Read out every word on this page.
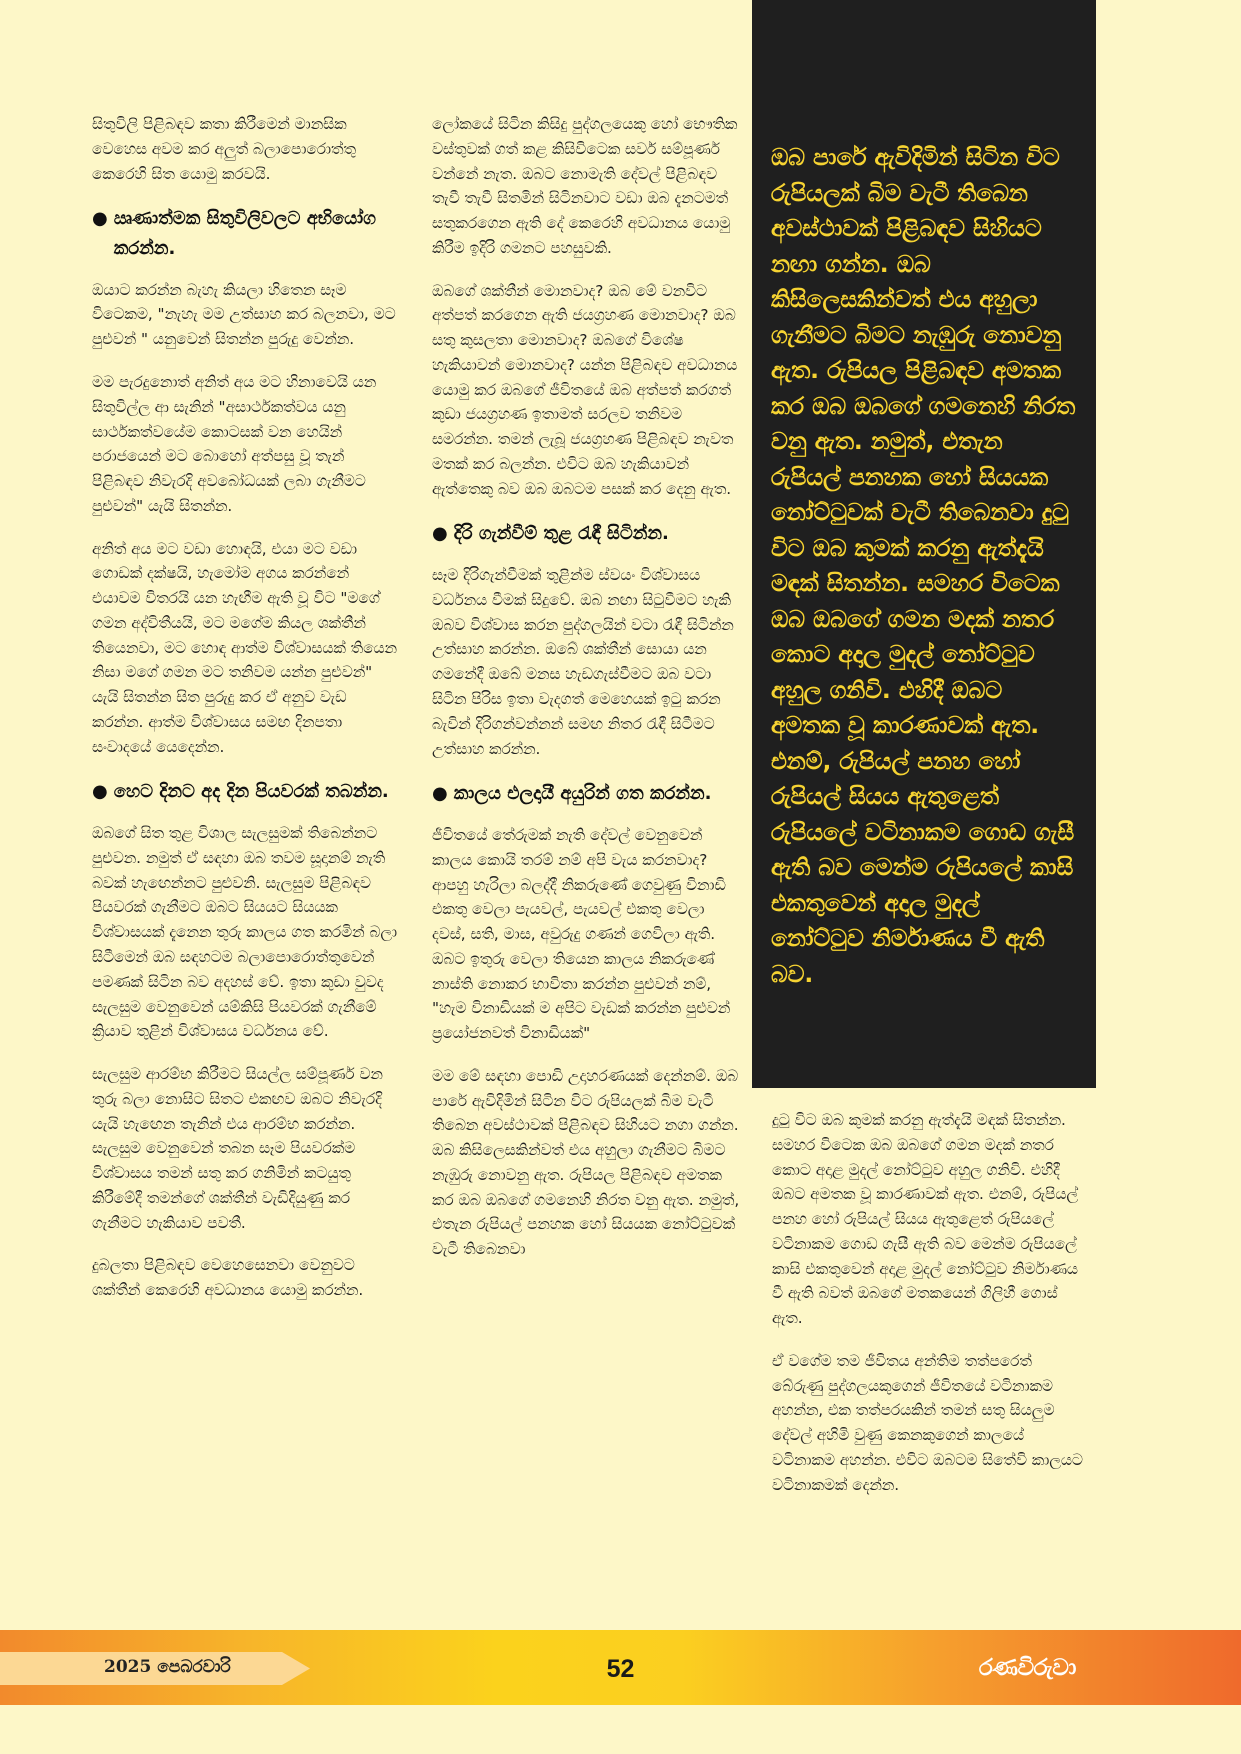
සිතුවිලි පිළිබඳව කතා කිරීමෙන් මානසික වෙහෙස අවම කර අලුත් බලාපොරොත්තු කෙරෙහි සිත යොමු කරවයි.

● ඍණාත්මක සිතුවිලිවලට අභියෝග කරන්න.

ඔයාට කරන්න බැහැ කියලා හිතෙන සෑම විටෙකම, "නැහැ මම උත්සාහ කර බලනවා, මට පුළුවන් " යනුවෙන් සිතන්න පුරුදු වෙන්න.

මම පැරදුනොත් අනිත් අය මට හිනාවෙයි යන සිතුවිල්ල ආ සැනින් "අසාර්ථකත්වය යනු සාර්ථකත්වයේම කොටසක් වන හෙයින් පරාජයෙන් මට බොහෝ අත්පසු වූ තැන් පිළිබඳව නිවැරදි අවබෝධයක් ලබා ගැනීමට පුළුවන්" යැයි සිතන්න.

අනිත් අය මට වඩා හොඳයි, එයා මට වඩා ගොඩක් දක්ෂයි, හැමෝම අගය කරන්නේ එයාවම විතරයි යන හැඟීම ඇති වූ විට "මගේ ගමන අද්විතීයයි, මට මගේම කියල ශක්තීන් තියෙනවා, මට හොඳ ආත්ම විශ්වාසයක් තියෙන නිසා මගේ ගමන මට තනිවම යන්න පුළුවන්" යැයි සිතන්න සිත පුරුදු කර ඒ අනුව වැඩ කරන්න. ආත්ම විශ්වාසය සමඟ දිනපතා සංවාදයේ යෙදෙන්න.

● හෙට දිනට අද දින පියවරක් තබන්න.

ඔබගේ සිත තුළ විශාල සැලසුමක් තිබෙන්නට පුළුවන. නමුත් ඒ සඳහා ඔබ තවම සූදානම් නැති බවක් හැඟෙන්නට පුළුවනි. සැලසුම පිළිබඳව පියවරක් ගැනීමට ඔබට සියයට සියයක විශ්වාසයක් දැනෙන තුරු කාලය ගත කරමින් බලා සිටීමෙන් ඔබ සඳහටම බලාපොරොත්තුවෙන් පමණක් සිටින බව අදහස් වේ. ඉතා කුඩා වුවද සැලසුම වෙනුවෙන් යම්කිසි පියවරක් ගැනීමේ ක්‍රියාව තුළින් විශ්වාසය වර්ධනය වේ.

සැලසුම ආරම්භ කිරීමට සියල්ල සම්පූර්ණ වන තුරු බලා නොසිට සිතට එකඟව ඔබට නිවැරදි යැයි හැඟෙන තැනින් එය ආරම්භ කරන්න. සැලසුම වෙනුවෙන් තබන සෑම පියවරක්ම විශ්වාසය තමන් සතු කර ගනිමින් කටයුතු කිරීමේදී තමන්ගේ ශක්තීන් වැඩිදියුණු කර ගැනීමට හැකියාව පවතී.

දුබලතා පිළිබඳව වෙහෙසෙනවා වෙනුවට ශක්තීන් කෙරෙහි අවධානය යොමු කරන්න.

ලෝකයේ සිටින කිසිදු පුද්ගලයෙකු හෝ භෞතික වස්තුවක් ගත් කළ කිසිවිටෙක සර්ව සම්පූර්ණ වන්නේ නැත. ඔබට නොමැති දේවල් පිළිබඳව තැවී තැවී සිතමින් සිටිනවාට වඩා ඔබ දැනටමත් සතුකරගෙන ඇති දේ කෙරෙහි අවධානය යොමු කිරීම ඉදිරි ගමනට පහසුවකි.

ඔබගේ ශක්තීන් මොනවාද? ඔබ මේ වනවිට අත්පත් කරගෙන ඇති ජයග්‍රහණ මොනවාද? ඔබ සතු කුසලතා මොනවාද? ඔබගේ විශේෂ හැකියාවන් මොනවාද? යන්න පිළිබඳව අවධානය යොමු කර ඔබගේ ජීවිතයේ ඔබ අත්පත් කරගත් කුඩා ජයග්‍රහණ ඉතාමත් සරලව තනිවම සමරන්න. තමන් ලැබූ ජයග්‍රහණ පිළිබඳව නැවත මතක් කර බලන්න. එවිට ඔබ හැකියාවන් ඇත්තෙකු බව ඔබ ඔබටම පසක් කර දෙනු ඇත.

● දිරි ගැන්වීම් තුළ රැඳී සිටින්න.

සෑම දිරිගැන්වීමක් තුළින්ම ස්වයං විශ්වාසය වර්ධනය වීමක් සිදුවේ. ඔබ නඟා සිටුවීමට හැකි ඔබව විශ්වාස කරන පුද්ගලයින් වටා රැඳී සිටින්න උත්සාහ කරන්න. ඔබේ ශක්තීන් සොයා යන ගමනේදී ඔබේ මනස හැඩගැස්වීමට ඔබ වටා සිටින පිරිස ඉතා වැදගත් මෙහෙයක් ඉටු කරන බැවින් දිරිගන්වන්නන් සමඟ නිතර රැඳී සිටීමට උත්සාහ කරන්න.

● කාලය එලදායී අයුරින් ගත කරන්න.

ජීවිතයේ තේරුමක් නැති දේවල් වෙනුවෙන් කාලය කොයි තරම් නම් අපි වැය කරනවාද? ආපහු හැරිලා බලද්දී නිකරුණේ ගෙවුණු විනාඩි එකතු වෙලා පැයවල්, පැයවල් එකතු වෙලා දවස්, සති, මාස, අවුරුදු ගණන් ගෙවිලා ඇති. ඔබට ඉතුරු වෙලා තියෙන කාලය නිකරුණේ නාස්ති නොකර භාවිතා කරන්න පුළුවන් නම්, "හැම විනාඩියක් ම අපිට වැඩක් කරන්න පුළුවන් ප්‍රයෝජනවත් විනාඩියක්"

මම මේ සඳහා පොඩි උදාහරණයක් දෙන්නම්. ඔබ පාරේ ඇවිදිමින් සිටින විට රුපියලක් බිම වැටී තිබෙන අවස්ථාවක් පිළිබඳව සිහියට නගා ගන්න. ඔබ කිසිලෙසකින්වත් එය අහුලා ගැනීමට බිමට නැඹුරු නොවනු ඇත. රුපියල පිළිබඳව අමතක කර ඔබ ඔබගේ ගමනෙහි නිරත වනු ඇත. නමුත්, එතැන රුපියල් පනහක හෝ සියයක නෝට්ටුවක් වැටී තිබෙනවා

ඔබ පාරේ ඇවිදිමින් සිටින විට රුපියලක් බිම වැටී තිබෙන අවස්ථාවක් පිළිබඳව සිහියට නඟා ගන්න. ඔබ කිසිලෙසකින්වත් එය අහුලා ගැනීමට බිමට නැඹුරු නොවනු ඇත. රුපියල පිළිබඳව අමතක කර ඔබ ඔබගේ ගමනෙහි නිරත වනු ඇත. නමුත්, එතැන රුපියල් පනහක හෝ සියයක නෝට්ටුවක් වැටී තිබෙනවා දුටු විට ඔබ කුමක් කරනු ඇත්දැයි මඳක් සිතන්න. සමහර විටෙක ඔබ ඔබගේ ගමන මදක් නතර කොට අදාල මුදල් නෝට්ටුව අහුල ගනිවි. එහිදී ඔබට අමතක වූ කාරණාවක් ඇත. එනම්, රුපියල් පනහ හෝ රුපියල් සියය ඇතුළෙත් රුපියලේ වටිනාකම ගොඩ ගැසී ඇති බව මෙන්ම රුපියලේ කාසි එකතුවෙන් අදාල මුදල් නෝට්ටුව නිර්මාණය වී ඇති බව.

දුටු විට ඔබ කුමක් කරනු ඇත්දැයි මඳක් සිතන්න. සමහර විටෙක ඔබ ඔබගේ ගමන මදක් නතර කොට අදාළ මුදල් නෝට්ටුව අහුල ගනිවි. එහිදී ඔබට අමතක වූ කාරණාවක් ඇත. එනම්, රුපියල් පනහ හෝ රුපියල් සියය ඇතුළෙත් රුපියලේ වටිනාකම ගොඩ ගැසී ඇති බව මෙන්ම රුපියලේ කාසි එකතුවෙන් අදාළ මුදල් නෝට්ටුව නිර්මාණය වී ඇති බවත් ඔබගේ මතකයෙන් ගිලිහී ගොස් ඇත.

ඒ වගේම තම ජීවිතය අන්තිම තත්පරෙත් බේරුණු පුද්ගලයකුගෙන් ජීවිතයේ වටිනාකම අහන්න, එක තත්පරයකින් තමන් සතු සියලුම දේවල් අහිමි වුණු කෙනකුගෙන් කාලයේ වටිනාකම අහන්න. එවිට ඔබටම සිතේවි කාලයට වටිනාකමක් දෙන්න.

2025 පෙබරවාරි	52	රණවිරුවා
